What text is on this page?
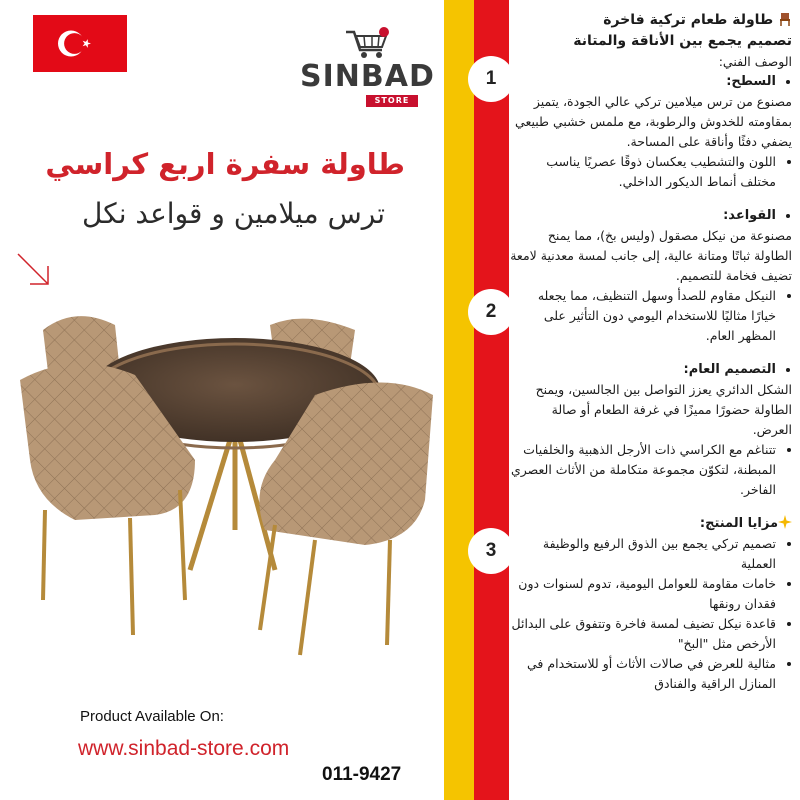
SINBAD
STORE
طاولة سفرة اربع كراسي
ترس ميلامين و قواعد نكل
Product Available On:
www.sinbad-store.com
011-9427
1
2
3

طاولة طعام تركية فاخرة

تصميم يجمع بين الأناقة والمتانة

الوصف الفني:

• السطح:

مصنوع من ترس ميلامين تركي عالي الجودة، يتميز بمقاومته للخدوش والرطوبة، مع ملمس خشبي طبيعي يضفي دفئًا وأناقة على المساحة.

• اللون والتشطيب يعكسان ذوقًا عصريًا يناسب مختلف أنماط الديكور الداخلي.
• القواعد:

مصنوعة من نيكل مصقول (وليس بخ)، مما يمنح الطاولة ثباتًا ومتانة عالية، إلى جانب لمسة معدنية لامعة تضيف فخامة للتصميم.

• النيكل مقاوم للصدأ وسهل التنظيف، مما يجعله خيارًا مثاليًا للاستخدام اليومي دون التأثير على المظهر العام.
• التصميم العام:

الشكل الدائري يعزز التواصل بين الجالسين، ويمنح الطاولة حضورًا مميزًا في غرفة الطعام أو صالة العرض.

• تتناغم مع الكراسي ذات الأرجل الذهبية والخلفيات المبطنة، لتكوّن مجموعة متكاملة من الأثاث العصري الفاخر.

مزايا المنتج:

• تصميم تركي يجمع بين الذوق الرفيع والوظيفة العملية
• خامات مقاومة للعوامل اليومية، تدوم لسنوات دون فقدان رونقها
• قاعدة نيكل تضيف لمسة فاخرة وتتفوق على البدائل الأرخص مثل "البخ"
• مثالية للعرض في صالات الأثاث أو للاستخدام في المنازل الراقية والفنادق
